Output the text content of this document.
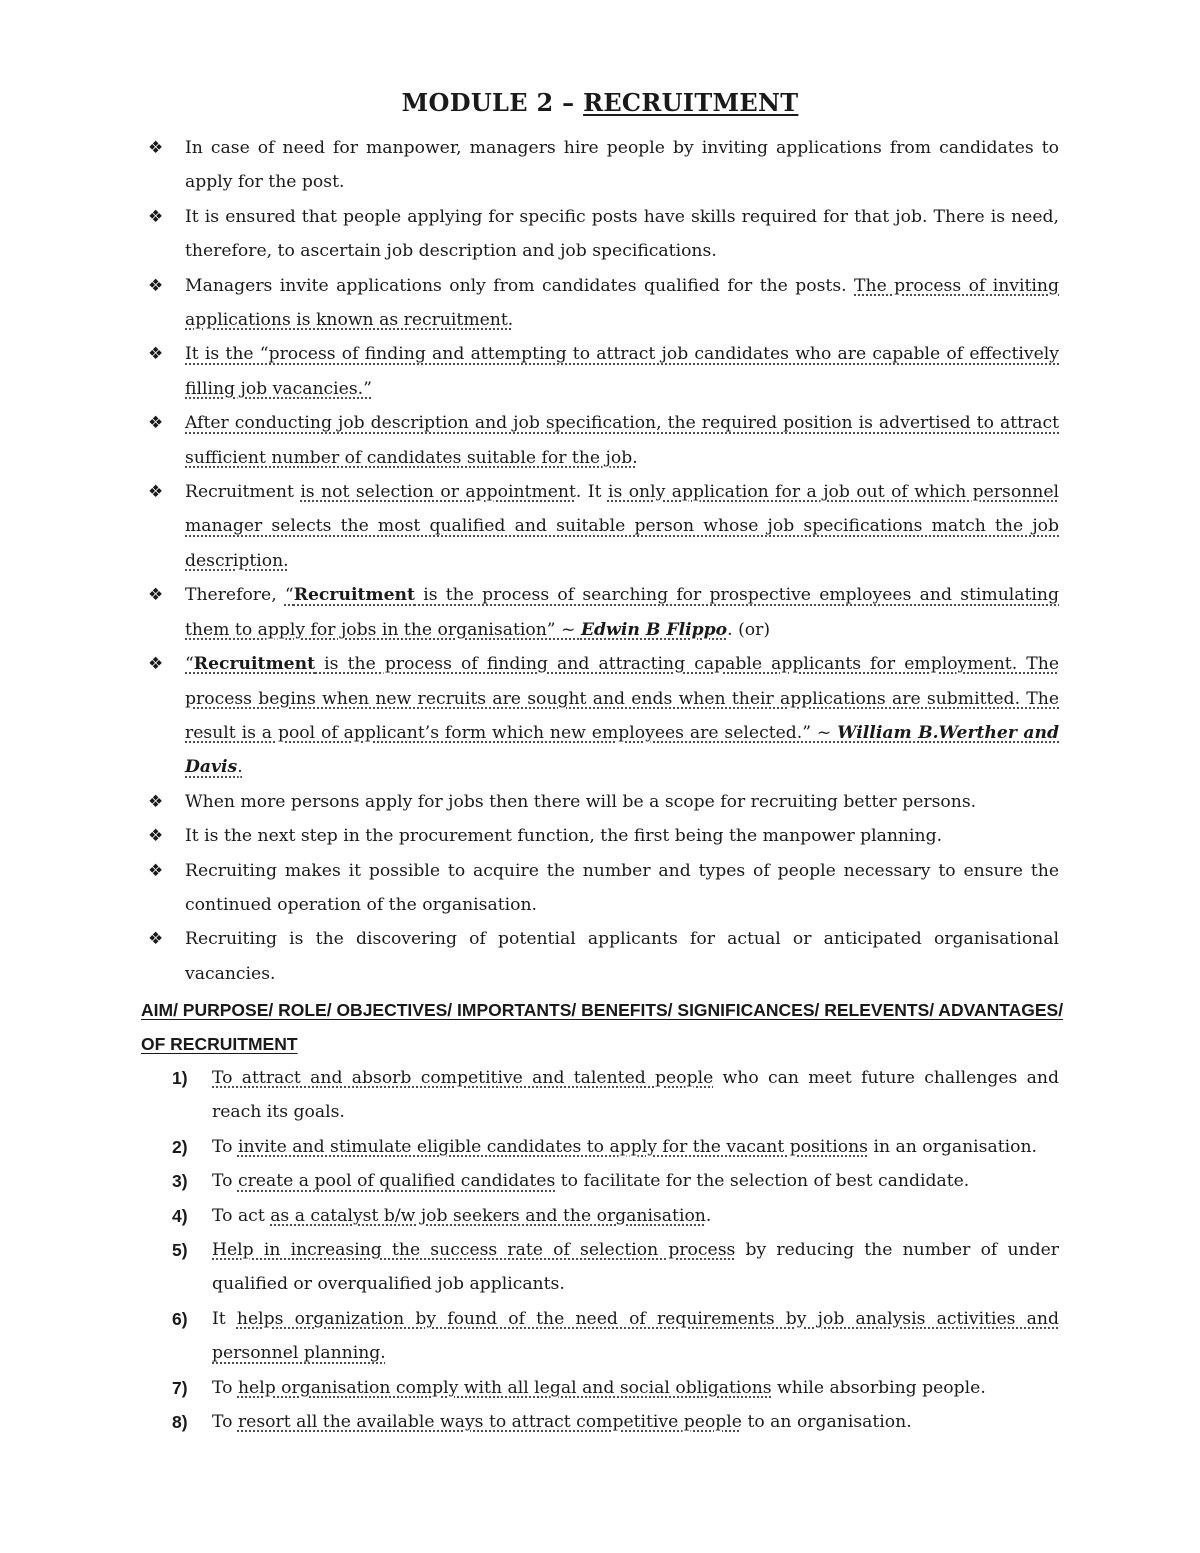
MODULE 2 – RECRUITMENT
❖ In case of need for manpower, managers hire people by inviting applications from candidates to apply for the post.
❖ It is ensured that people applying for specific posts have skills required for that job. There is need, therefore, to ascertain job description and job specifications.
❖ Managers invite applications only from candidates qualified for the posts. The process of inviting applications is known as recruitment.
❖ It is the “process of finding and attempting to attract job candidates who are capable of effectively filling job vacancies.”
❖ After conducting job description and job specification, the required position is advertised to attract sufficient number of candidates suitable for the job.
❖ Recruitment is not selection or appointment. It is only application for a job out of which personnel manager selects the most qualified and suitable person whose job specifications match the job description.
❖ Therefore, “Recruitment is the process of searching for prospective employees and stimulating them to apply for jobs in the organisation” ~ Edwin B Flippo. (or)
❖ “Recruitment is the process of finding and attracting capable applicants for employment. The process begins when new recruits are sought and ends when their applications are submitted. The result is a pool of applicant’s form which new employees are selected.” ~ William B.Werther and Davis.
❖ When more persons apply for jobs then there will be a scope for recruiting better persons.
❖ It is the next step in the procurement function, the first being the manpower planning.
❖ Recruiting makes it possible to acquire the number and types of people necessary to ensure the continued operation of the organisation.
❖ Recruiting is the discovering of potential applicants for actual or anticipated organisational vacancies.
AIM/ PURPOSE/ ROLE/ OBJECTIVES/ IMPORTANTS/ BENEFITS/ SIGNIFICANCES/ RELEVENTS/ ADVANTAGES/ OF RECRUITMENT
1) To attract and absorb competitive and talented people who can meet future challenges and reach its goals.
2) To invite and stimulate eligible candidates to apply for the vacant positions in an organisation.
3) To create a pool of qualified candidates to facilitate for the selection of best candidate.
4) To act as a catalyst b/w job seekers and the organisation.
5) Help in increasing the success rate of selection process by reducing the number of under qualified or overqualified job applicants.
6) It helps organization by found of the need of requirements by job analysis activities and personnel planning.
7) To help organisation comply with all legal and social obligations while absorbing people.
8) To resort all the available ways to attract competitive people to an organisation.
